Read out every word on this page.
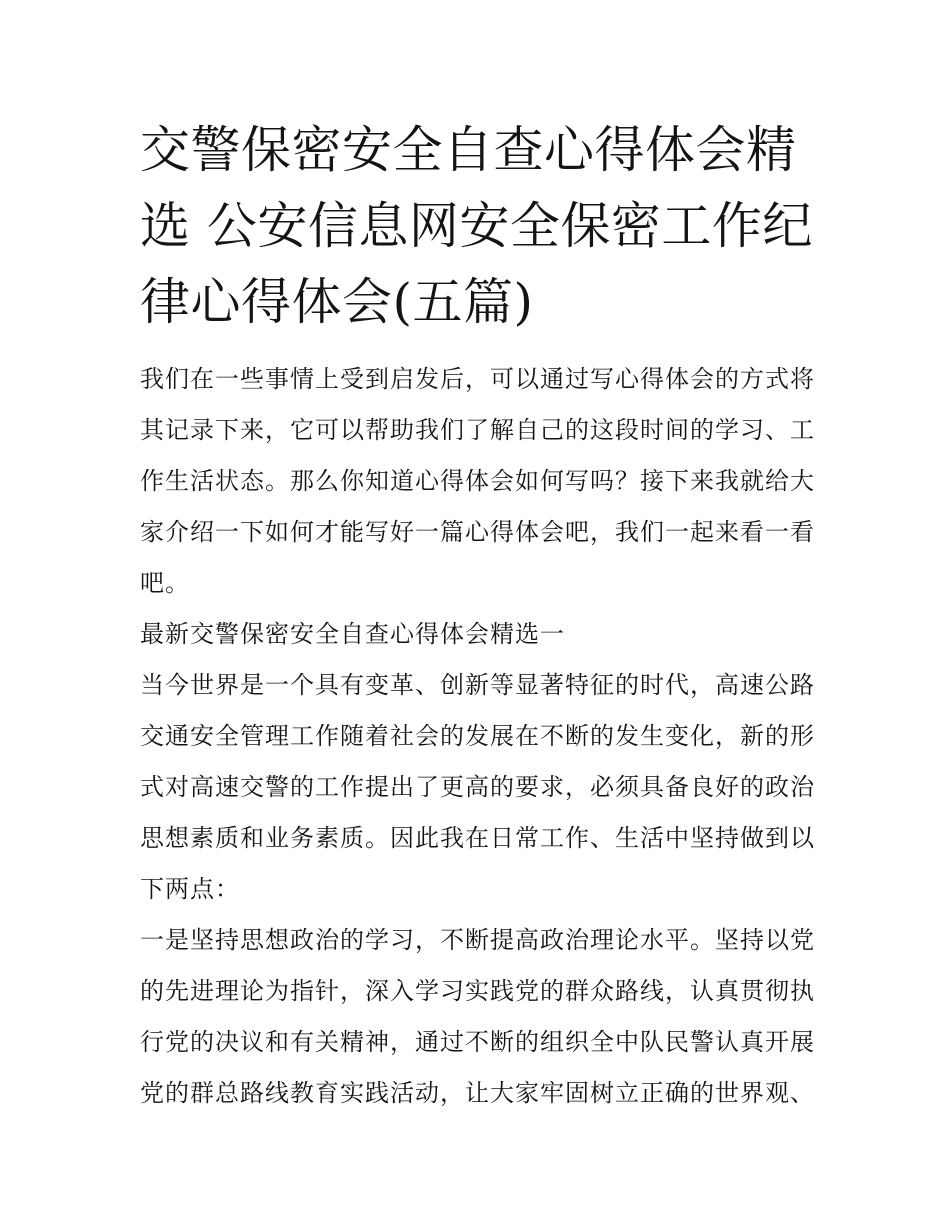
交警保密安全自查心得体会精
选 公安信息网安全保密工作纪
律心得体会(五篇)

我们在一些事情上受到启发后，可以通过写心得体会的方式将
其记录下来，它可以帮助我们了解自己的这段时间的学习、工
作生活状态。那么你知道心得体会如何写吗？接下来我就给大
家介绍一下如何才能写好一篇心得体会吧，我们一起来看一看
吧。

最新交警保密安全自查心得体会精选一

当今世界是一个具有变革、创新等显著特征的时代，高速公路
交通安全管理工作随着社会的发展在不断的发生变化，新的形
式对高速交警的工作提出了更高的要求，必须具备良好的政治
思想素质和业务素质。因此我在日常工作、生活中坚持做到以
下两点：

一是坚持思想政治的学习，不断提高政治理论水平。坚持以党
的先进理论为指针，深入学习实践党的群众路线，认真贯彻执
行党的决议和有关精神，通过不断的组织全中队民警认真开展
党的群总路线教育实践活动，让大家牢固树立正确的世界观、
